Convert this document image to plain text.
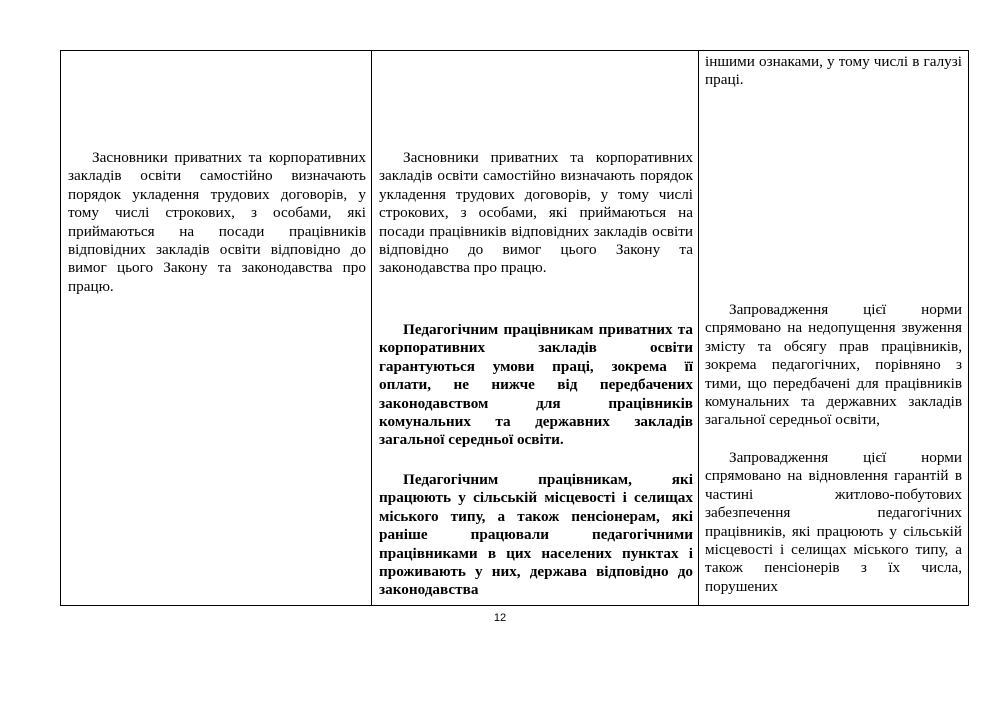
Засновники приватних та корпоративних закладів освіти самостійно визначають порядок укладення трудових договорів, у тому числі строкових, з особами, які приймаються на посади працівників відповідних закладів освіти відповідно до вимог цього Закону та законодавства про працю.

Засновники приватних та корпоративних закладів освіти самостійно визначають порядок укладення трудових договорів, у тому числі строкових, з особами, які приймаються на посади працівників відповідних закладів освіти відповідно до вимог цього Закону та законодавства про працю.

Педагогічним працівникам приватних та корпоративних закладів освіти гарантуються умови праці, зокрема її оплати, не нижче від передбачених законодавством для працівників комунальних та державних закладів загальної середньої освіти.

Педагогічним працівникам, які працюють у сільській місцевості і селищах міського типу, а також пенсіонерам, які раніше працювали педагогічними працівниками в цих населених пунктах і проживають у них, держава відповідно до законодавства

іншими ознаками, у тому числі в галузі праці.

Запровадження цієї норми спрямовано на недопущення звуження змісту та обсягу прав працівників, зокрема педагогічних, порівняно з тими, що передбачені для працівників комунальних та державних закладів загальної середньої освіти,

Запровадження цієї норми спрямовано на відновлення гарантій в частині житлово-побутових забезпечення педагогічних працівників, які працюють у сільській місцевості і селищах міського типу, а також пенсіонерів з їх числа, порушених

12
